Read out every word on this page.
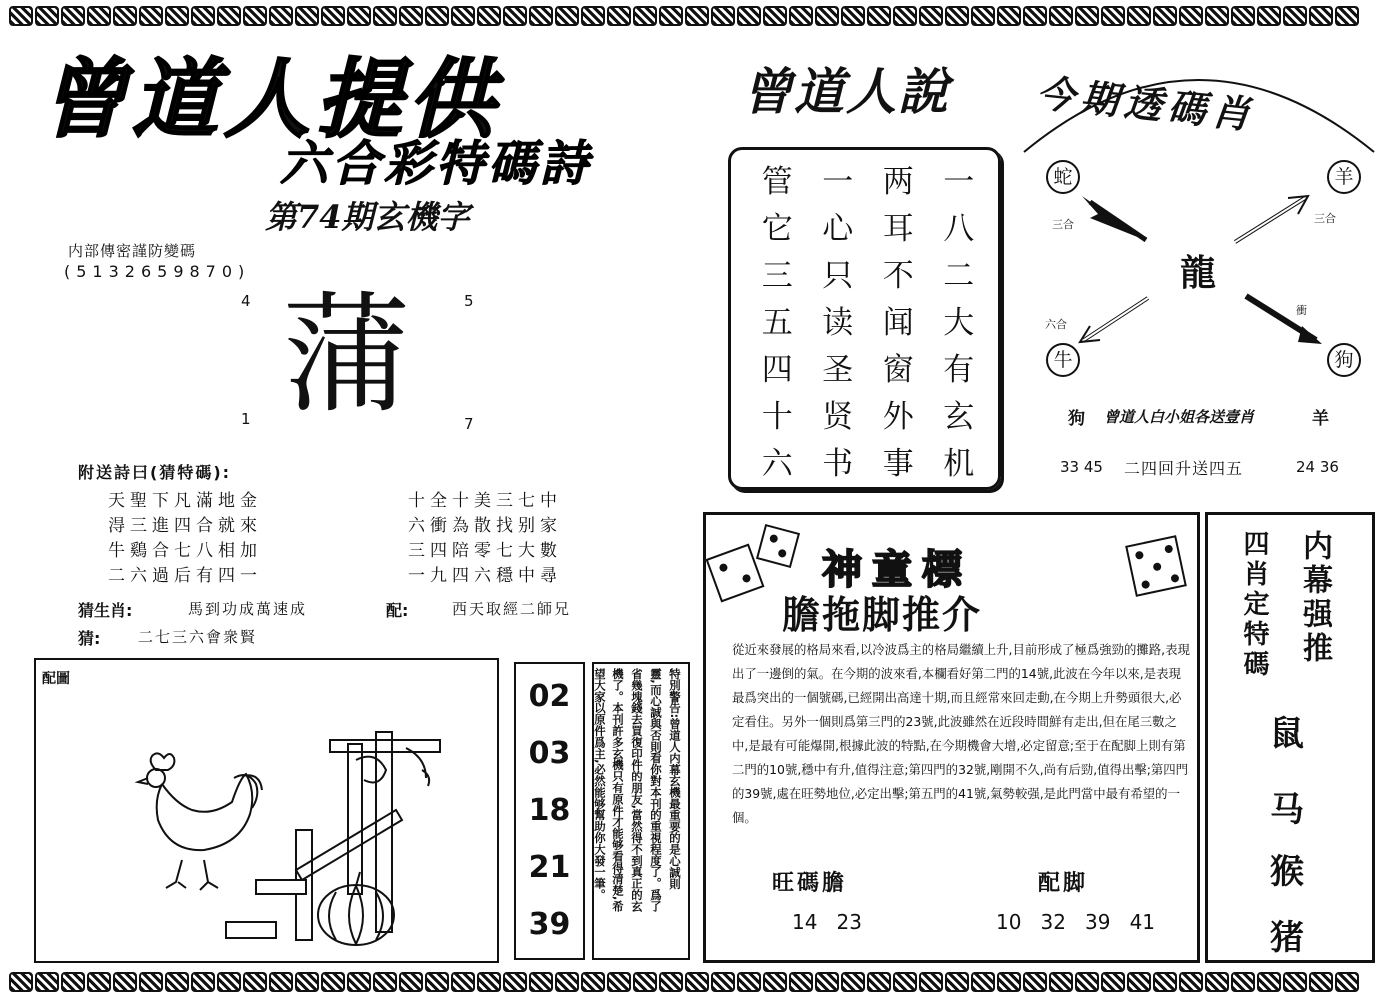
曾道人提供
六合彩特碼詩
第74期玄機字
内部傳密謹防變碼
(5132659870)
4	5
1	7
蒲
附送詩曰(猜特碼):
天聖下凡滿地金
淂三進四合就來
牛鷄合七八相加
二六過后有四一
十全十美三七中
六衝為散找别家
三四陪零七大數
一九四六穩中尋
猜生肖:	馬到功成萬速成	配:	西天取經二師兄
猜:	二七三六會衆賢
配圖	02
03
18
21
39
特別警告:曾道人内幕玄機最重要的是心誠則
靈,而心誠與否則看你對本刊的重視程度了。爲了
省幾塊錢去買復印件的朋友,當然得不到真正的玄
機了。本刊許多玄機只有原件才能够看得清楚,希
望大家以原件爲主,必然能够幫助你大發一筆。
曾道人說
管 一 两 一
它 心 耳 八
三 只 不 二
五 读 闻 大
四 圣 窗 有
十 贤 外 玄
六 书 事 机
今期透碼肖
蛇	羊
牛	狗
龍
三合	三合
六合
衝
狗 曾道人白小姐各送壹肖	羊
33 45 二四回升送四五	24 36
神童標
膽拖脚推介
從近來發展的格局來看,以冷波爲主的格局繼續上升,目前形成了極爲強勁的攤路,表現出了一邊倒的氣。在今期的波來看,本欄看好第二門的14號,此波在今年以來,是表現最爲突出的一個號碼,已經開出高達十期,而且經常來回走動,在今期上升勢頭很大,必定看住。另外一個則爲第三門的23號,此波雖然在近段時間鮮有走出,但在尾三數之中,是最有可能爆開,根據此波的特點,在今期機會大增,必定留意;至于在配脚上則有第二門的10號,穩中有升,值得注意;第四門的32號,剛開不久,尚有后勁,值得出擊;第四門的39號,處在旺勢地位,必定出擊;第五門的41號,氣勢較强,是此門當中最有希望的一個。
旺碼膽
14   23
配脚
10   32   39   41
内幕强推
四肖定特碼
鼠
马
猴
猪
